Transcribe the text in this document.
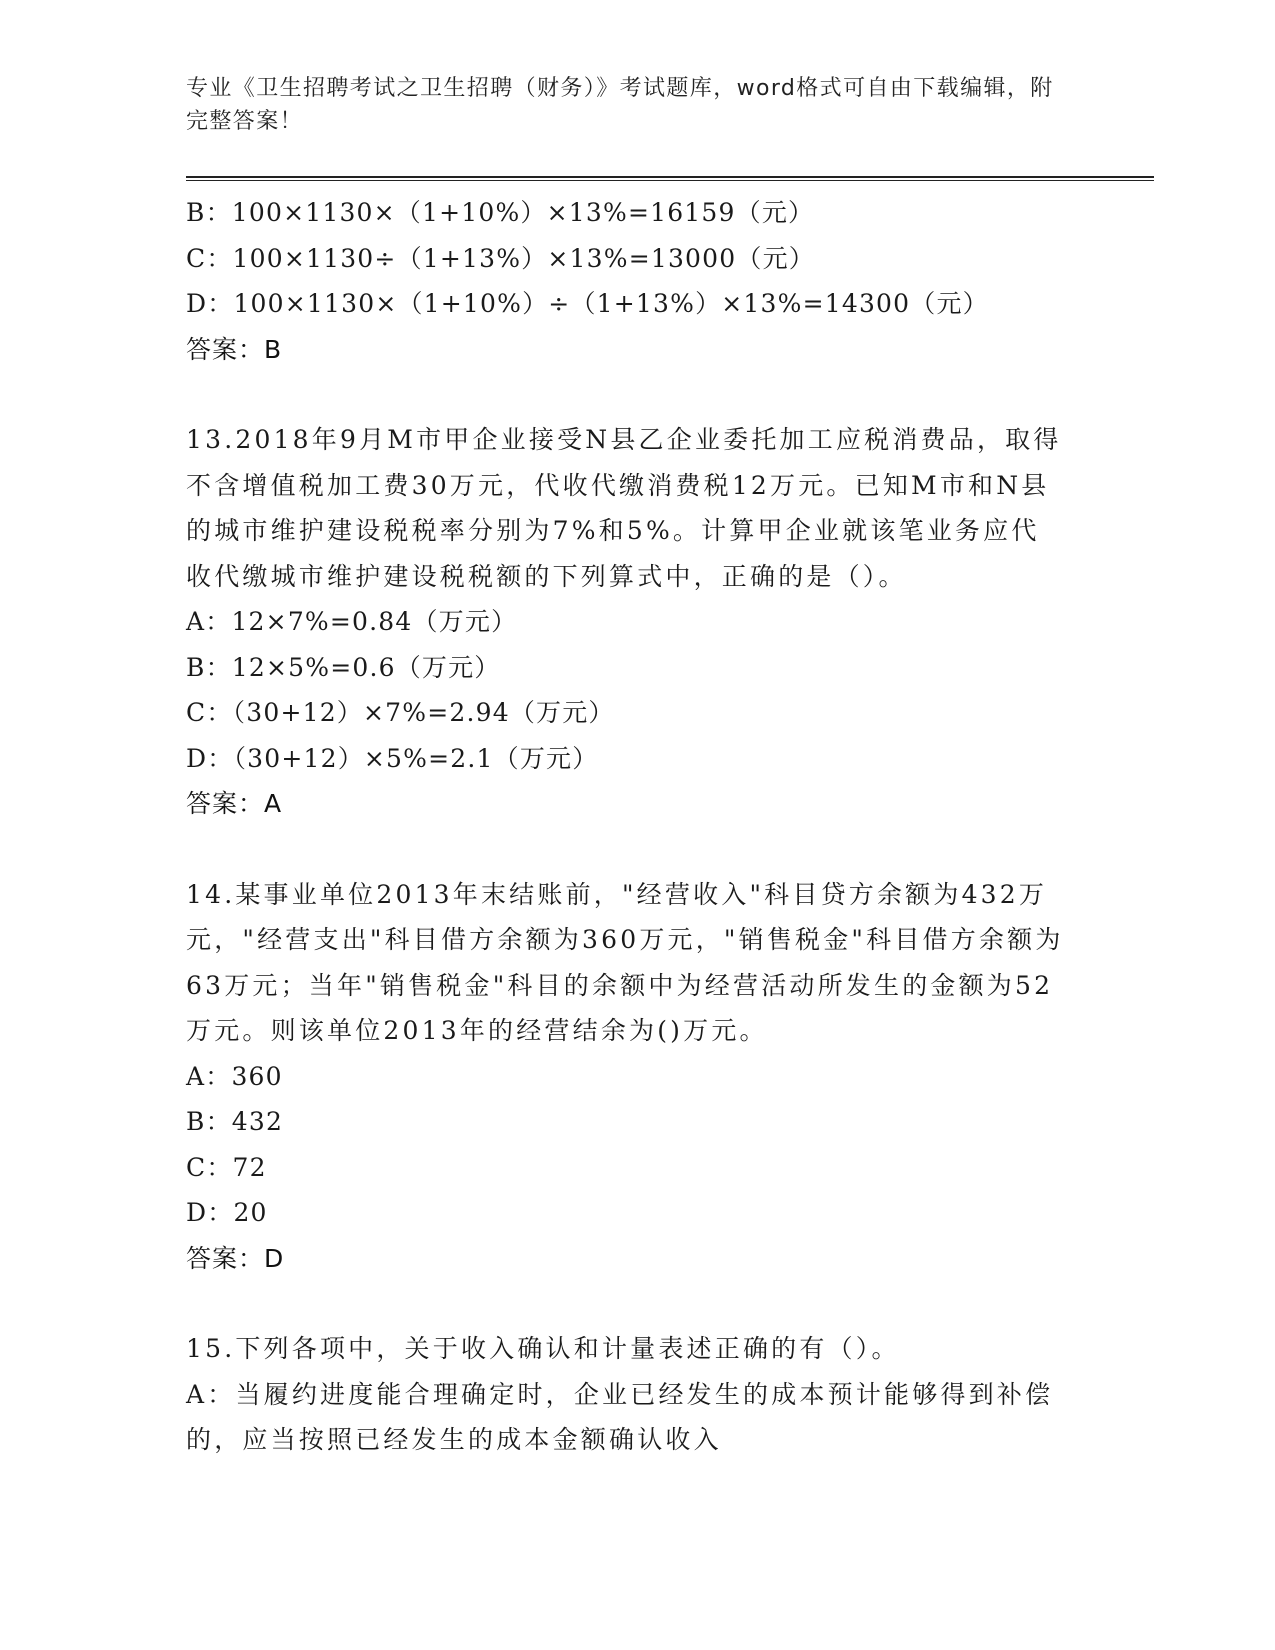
专业《卫生招聘考试之卫生招聘（财务）》考试题库，word格式可自由下载编辑，附完整答案！
B：100×1130×（1+10%）×13%=16159（元）
C：100×1130÷（1+13%）×13%=13000（元）
D：100×1130×（1+10%）÷（1+13%）×13%=14300（元）
答案：B
13.2018年9月M市甲企业接受N县乙企业委托加工应税消费品，取得不含增值税加工费30万元，代收代缴消费税12万元。已知M市和N县的城市维护建设税税率分别为7%和5%。计算甲企业就该笔业务应代收代缴城市维护建设税税额的下列算式中，正确的是（）。
A：12×7%=0.84（万元）
B：12×5%=0.6（万元）
C：（30+12）×7%=2.94（万元）
D：（30+12）×5%=2.1（万元）
答案：A
14.某事业单位2013年末结账前，"经营收入"科目贷方余额为432万元，"经营支出"科目借方余额为360万元，"销售税金"科目借方余额为63万元；当年"销售税金"科目的余额中为经营活动所发生的金额为52万元。则该单位2013年的经营结余为()万元。
A：360
B：432
C：72
D：20
答案：D
15.下列各项中，关于收入确认和计量表述正确的有（）。
A：当履约进度能合理确定时，企业已经发生的成本预计能够得到补偿的，应当按照已经发生的成本金额确认收入
